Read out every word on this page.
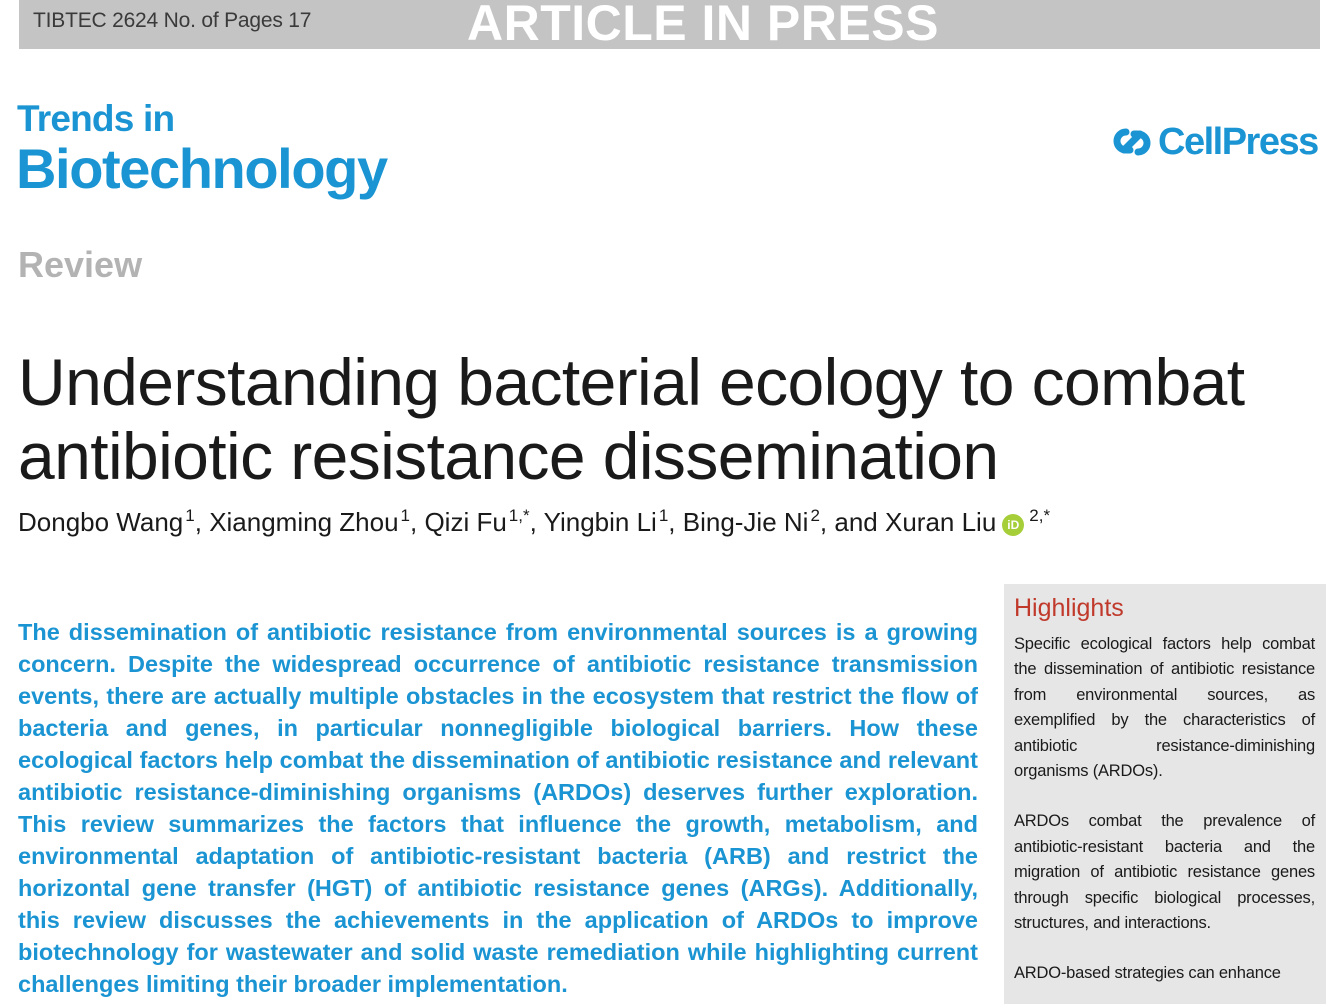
TIBTEC 2624 No. of Pages 17	ARTICLE IN PRESS
Trends in
Biotechnology	CellPress
Review
Understanding bacterial ecology to combat antibiotic resistance dissemination
Dongbo Wang $^1$, Xiangming Zhou $^1$, Qizi Fu $^{1,*}$, Yingbin Li $^1$, Bing-Jie Ni $^2$, and Xuran Liu iD $^{2,*}$

The dissemination of antibiotic resistance from environmental sources is a growing concern. Despite the widespread occurrence of antibiotic resistance transmission events, there are actually multiple obstacles in the ecosystem that restrict the flow of bacteria and genes, in particular nonnegligible biological barriers. How these ecological factors help combat the dissemination of antibiotic resistance and relevant antibiotic resistance-diminishing organisms (ARDOs) deserves further exploration. This review summarizes the factors that influence the growth, metabolism, and environmental adaptation of antibiotic-resistant bacteria (ARB) and restrict the horizontal gene transfer (HGT) of antibiotic resistance genes (ARGs). Additionally, this review discusses the achievements in the application of ARDOs to improve biotechnology for wastewater and solid waste remediation while highlighting current challenges limiting their broader implementation.

Highlights
Specific ecological factors help combat the dissemination of antibiotic resistance from environmental sources, as exemplified by the characteristics of antibiotic resistance-diminishing organisms (ARDOs).
ARDOs combat the prevalence of antibiotic-resistant bacteria and the migration of antibiotic resistance genes through specific biological processes, structures, and interactions.
ARDO-based strategies can enhance
